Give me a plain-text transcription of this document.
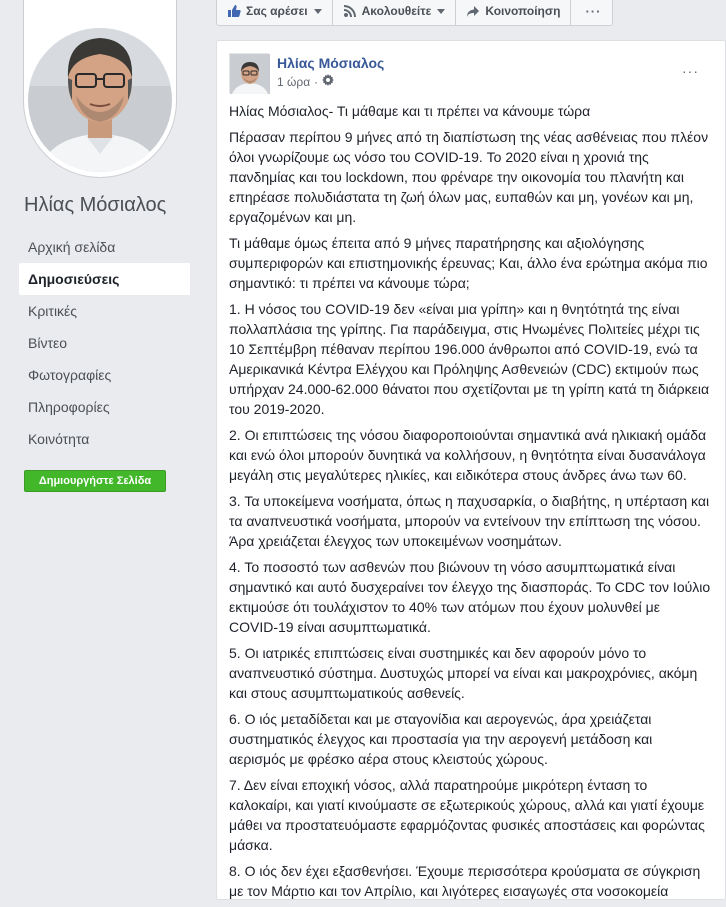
Ηλίας Μόσιαλος
Αρχική σελίδα
Δημοσιεύσεις
Κριτικές
Βίντεο
Φωτογραφίες
Πληροφορίες
Κοινότητα
Δημιουργήστε Σελίδα
Σας αρέσει	Ακολουθείτε	Κοινοποίηση	···
Ηλίας Μόσιαλος
1 ώρα ·
···

Ηλίας Μόσιαλος- Τι μάθαμε και τι πρέπει να κάνουμε τώρα

Πέρασαν περίπου 9 μήνες από τη διαπίστωση της νέας ασθένειας που πλέον όλοι γνωρίζουμε ως νόσο του COVID-19. Το 2020 είναι η χρονιά της πανδημίας και του lockdown, που φρέναρε την οικονομία του πλανήτη και επηρέασε πολυδιάστατα τη ζωή όλων μας, ευπαθών και μη, γονέων και μη, εργαζομένων και μη.

Τι μάθαμε όμως έπειτα από 9 μήνες παρατήρησης και αξιολόγησης συμπεριφορών και επιστημονικής έρευνας; Και, άλλο ένα ερώτημα ακόμα πιο σημαντικό: τι πρέπει να κάνουμε τώρα;

1. Η νόσος του COVID-19 δεν «είναι μια γρίπη» και η θνητότητά της είναι πολλαπλάσια της γρίπης. Για παράδειγμα, στις Ηνωμένες Πολιτείες μέχρι τις 10 Σεπτέμβρη πέθαναν περίπου 196.000 άνθρωποι από COVID-19, ενώ τα Αμερικανικά Κέντρα Ελέγχου και Πρόληψης Ασθενειών (CDC) εκτιμούν πως υπήρχαν 24.000-62.000 θάνατοι που σχετίζονται με τη γρίπη κατά τη διάρκεια του 2019-2020.

2. Οι επιπτώσεις της νόσου διαφοροποιούνται σημαντικά ανά ηλικιακή ομάδα και ενώ όλοι μπορούν δυνητικά να κολλήσουν, η θνητότητα είναι δυσανάλογα μεγάλη στις μεγαλύτερες ηλικίες, και ειδικότερα στους άνδρες άνω των 60.

3. Τα υποκείμενα νοσήματα, όπως η παχυσαρκία, ο διαβήτης, η υπέρταση και τα αναπνευστικά νοσήματα, μπορούν να εντείνουν την επίπτωση της νόσου. Άρα χρειάζεται έλεγχος των υποκειμένων νοσημάτων.

4. Το ποσοστό των ασθενών που βιώνουν τη νόσο ασυμπτωματικά είναι σημαντικό και αυτό δυσχεραίνει τον έλεγχο της διασποράς. Το CDC τον Ιούλιο εκτιμούσε ότι τουλάχιστον το 40% των ατόμων που έχουν μολυνθεί με COVID-19 είναι ασυμπτωματικά.

5. Οι ιατρικές επιπτώσεις είναι συστημικές και δεν αφορούν μόνο το αναπνευστικό σύστημα. Δυστυχώς μπορεί να είναι και μακροχρόνιες, ακόμη και στους ασυμπτωματικούς ασθενείς.

6. Ο ιός μεταδίδεται και με σταγονίδια και αερογενώς, άρα χρειάζεται συστηματικός έλεγχος και προστασία για την αερογενή μετάδοση και αερισμός με φρέσκο αέρα στους κλειστούς χώρους.

7. Δεν είναι εποχική νόσος, αλλά παρατηρούμε μικρότερη ένταση το καλοκαίρι, και γιατί κινούμαστε σε εξωτερικούς χώρους, αλλά και γιατί έχουμε μάθει να προστατευόμαστε εφαρμόζοντας φυσικές αποστάσεις και φορώντας μάσκα.

8. Ο ιός δεν έχει εξασθενήσει. Έχουμε περισσότερα κρούσματα σε σύγκριση με τον Μάρτιο και τον Απρίλιο, και λιγότερες εισαγωγές στα νοσοκομεία
